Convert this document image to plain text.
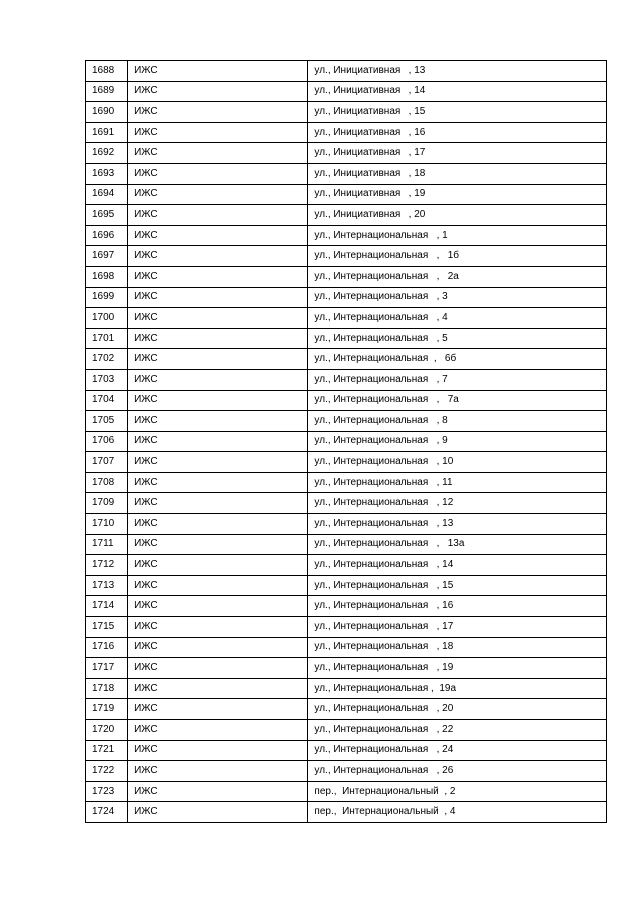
1688	ИЖС	ул., Инициативная   , 13
1689	ИЖС	ул., Инициативная   , 14
1690	ИЖС	ул., Инициативная   , 15
1691	ИЖС	ул., Инициативная   , 16
1692	ИЖС	ул., Инициативная   , 17
1693	ИЖС	ул., Инициативная   , 18
1694	ИЖС	ул., Инициативная   , 19
1695	ИЖС	ул., Инициативная   , 20
1696	ИЖС	ул., Интернациональная   , 1
1697	ИЖС	ул., Интернациональная   ,   1б
1698	ИЖС	ул., Интернациональная   ,   2а
1699	ИЖС	ул., Интернациональная   , 3
1700	ИЖС	ул., Интернациональная   , 4
1701	ИЖС	ул., Интернациональная   , 5
1702	ИЖС	ул., Интернациональная  ,   6б
1703	ИЖС	ул., Интернациональная   , 7
1704	ИЖС	ул., Интернациональная   ,   7а
1705	ИЖС	ул., Интернациональная   , 8
1706	ИЖС	ул., Интернациональная   , 9
1707	ИЖС	ул., Интернациональная   , 10
1708	ИЖС	ул., Интернациональная   , 11
1709	ИЖС	ул., Интернациональная   , 12
1710	ИЖС	ул., Интернациональная   , 13
1711	ИЖС	ул., Интернациональная   ,   13а
1712	ИЖС	ул., Интернациональная   , 14
1713	ИЖС	ул., Интернациональная   , 15
1714	ИЖС	ул., Интернациональная   , 16
1715	ИЖС	ул., Интернациональная   , 17
1716	ИЖС	ул., Интернациональная   , 18
1717	ИЖС	ул., Интернациональная   , 19
1718	ИЖС	ул., Интернациональная ,  19а
1719	ИЖС	ул., Интернациональная   , 20
1720	ИЖС	ул., Интернациональная   , 22
1721	ИЖС	ул., Интернациональная   , 24
1722	ИЖС	ул., Интернациональная   , 26
1723	ИЖС	пер.,  Интернациональный  , 2
1724	ИЖС	пер.,  Интернациональный  , 4
